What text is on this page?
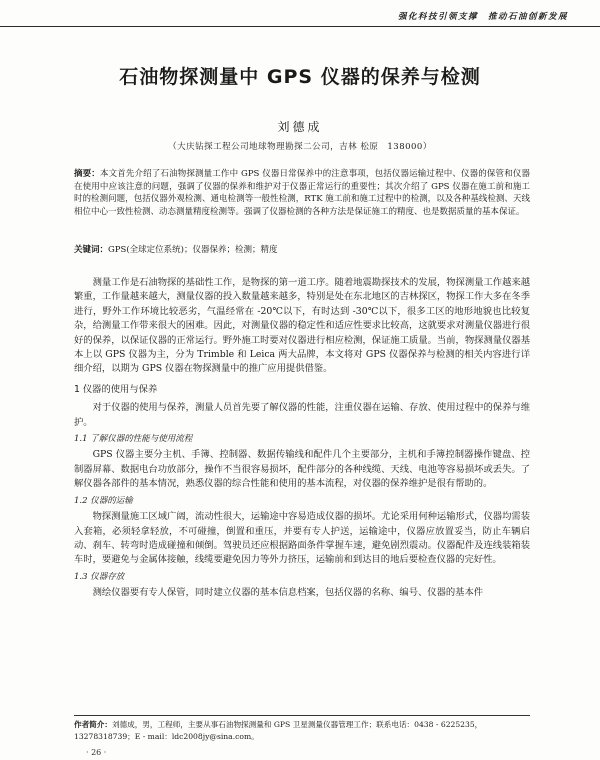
强化科技引领支撑　推动石油创新发展
石油物探测量中 GPS 仪器的保养与检测
刘德成
（大庆钻探工程公司地球物理勘探二公司，吉林 松原　138000）
摘要：本文首先介绍了石油物探测量工作中 GPS 仪器日常保养中的注意事项，包括仪器运输过程中、仪器的保管和仪器在使用中应该注意的问题，强调了仪器的保养和维护对于仪器正常运行的重要性；其次介绍了 GPS 仪器在施工前和施工时的检测问题，包括仪器外观检测、通电检测等一般性检测，RTK 施工前和施工过程中的检测，以及各种基线检测、天线相位中心一致性检测、动态测量精度检测等。强调了仪器检测的各种方法是保证施工的精度、也是数据质量的基本保证。
关键词：GPS(全球定位系统)；仪器保养；检测；精度

测量工作是石油物探的基础性工作，是物探的第一道工序。随着地震勘探技术的发展，物探测量工作越来越繁重，工作量越来越大，测量仪器的投入数量越来越多，特别是处在东北地区的吉林探区，物探工作大多在冬季进行，野外工作环境比较恶劣，气温经常在 -20℃以下，有时达到 -30℃以下，很多工区的地形地貌也比较复杂，给测量工作带来很大的困难。因此，对测量仪器的稳定性和适应性要求比较高，这就要求对测量仪器进行很好的保养，以保证仪器的正常运行。野外施工时要对仪器进行相应检测，保证施工质量。当前，物探测量仪器基本上以 GPS 仪器为主，分为 Trimble 和 Leica 两大品牌，本文将对 GPS 仪器保养与检测的相关内容进行详细介绍，以期为 GPS 仪器在物探测量中的推广应用提供借鉴。

1 仪器的使用与保养

对于仪器的使用与保养，测量人员首先要了解仪器的性能，注重仪器在运输、存放、使用过程中的保养与维护。

1.1 了解仪器的性能与使用流程

GPS 仪器主要分主机、手簿、控制器、数据传输线和配件几个主要部分，主机和手簿控制器操作键盘、控制器屏幕、数据电台功放部分，操作不当很容易损坏，配件部分的各种线缆、天线、电池等容易损坏或丢失。了解仪器各部件的基本情况，熟悉仪器的综合性能和使用的基本流程，对仪器的保养维护是很有帮助的。

1.2 仪器的运输

物探测量施工区域广阔，流动性很大，运输途中容易造成仪器的损坏。尤论采用何种运输形式，仪器均需装入套箱，必须轻拿轻放，不可碰撞，倒置和重压，并要有专人护送，运输途中，仪器应放置妥当，防止车辆启动、刹车、转弯时造成碰撞和倾倒。驾驶员还应根据路面条件掌握车速，避免剧烈震动。仪器配件及连线装箱装车时，要避免与金属体接触，线缆要避免因力等外力挤压，运输前和到达目的地后要检查仪器的完好性。

1.3 仪器存放

测绘仪器要有专人保管，同时建立仪器的基本信息档案，包括仪器的名称、编号、仪器的基本件

作者简介：刘德成，男，工程师，主要从事石油物探测量和 GPS 卫星测量仪器管理工作；联系电话：0438 - 6225235，13278318739；E - mail：ldc2008jy@sina.com。
· 26 ·
